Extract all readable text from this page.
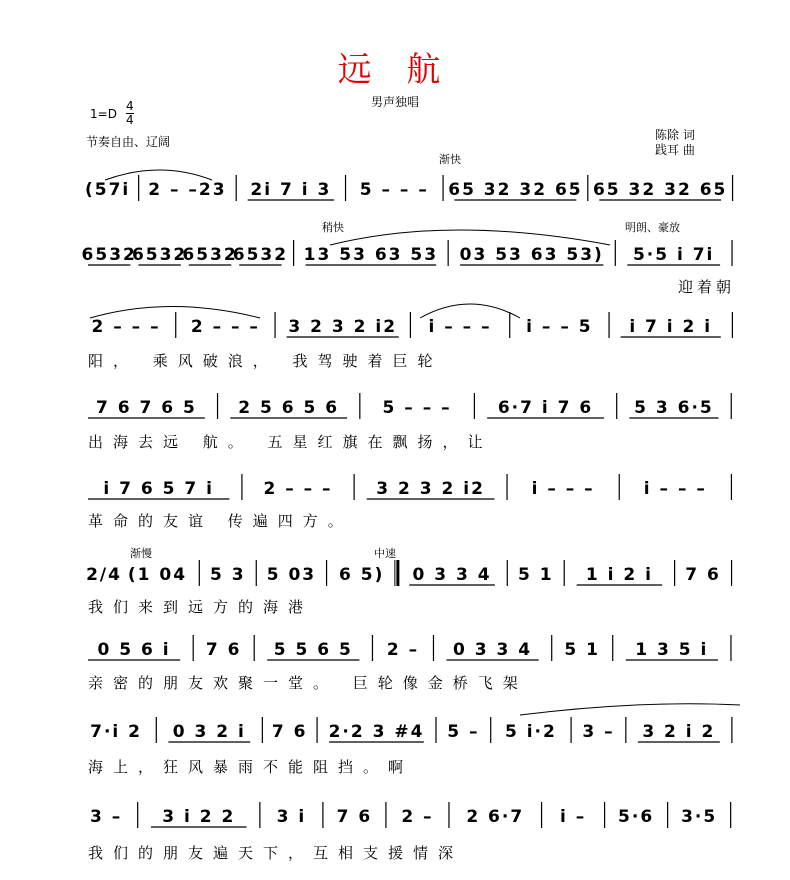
远 航
男声独唱
$1=D \frac{4}{4}$
节奏自由、辽阔	陈除 词
践耳 曲
渐快
稍快	明朗、豪放
渐慢	中速
(57i 2 – –23 2i 7 i 3 5 – – – 65 32 32 65 65 32 32 65
6532
6532
6532
6532 13 53 63 53 03 53 63 53) 5·5 i 7i
迎着朝
2 – – – 2 – – – 3 2 3 2 i2 i – – – i – – 5 i 7 i 2 i
阳， 乘风破浪， 我驾驶着巨轮
7 6 7 6 5 2 5 6 5 6	5 – – –	6·7 i 7 6 5 3 6·5
出海去远 航。 五星红旗在飘扬，让
i 7 6 5 7 i	2 – – –	3 2 3 2 i2	i – – –	i – – –
革命的友谊 传遍四方。
2/4 (1 04 5 3 5 03 6 5) 0 3 3 4 5 1 1 i 2 i 7 6
我们来到远方的海港
0 5 6 i 7 6 5 5 6 5 2 – 0 3 3 4 5 1 1 3 5 i
亲密的朋友欢聚一堂。 巨轮像金桥飞架
7·i 2 0 3 2 i 7 6 2·2 3 #4 5 – 5 i·2 3 – 3 2 i 2
海上，狂风暴雨不能阻挡。啊
3 – 3 i 2 2 3 i 7 6 2 – 2 6·7 i – 5·6 3·5
我们的朋友遍天下，互相支援情深
